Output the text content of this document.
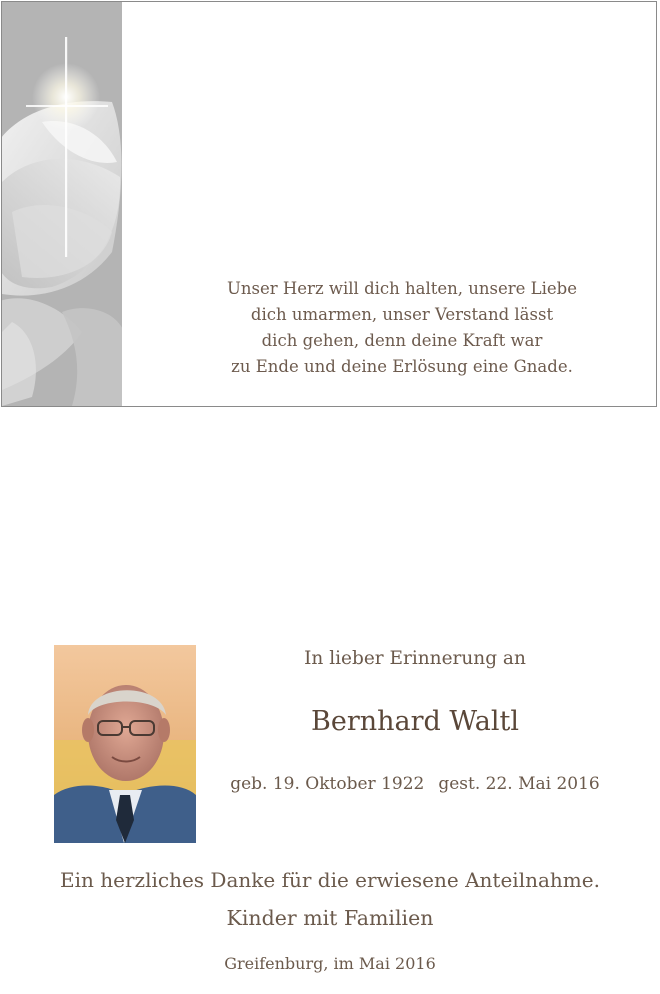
Unser Herz will dich halten, unsere Liebe
dich umarmen, unser Verstand lässt
dich gehen, denn deine Kraft war
zu Ende und deine Erlösung eine Gnade.
In lieber Erinnerung an
Bernhard Waltl
geb. 19. Oktober 1922 gest. 22. Mai 2016
Ein herzliches Danke für die erwiesene Anteilnahme.
Kinder mit Familien
Greifenburg, im Mai 2016
